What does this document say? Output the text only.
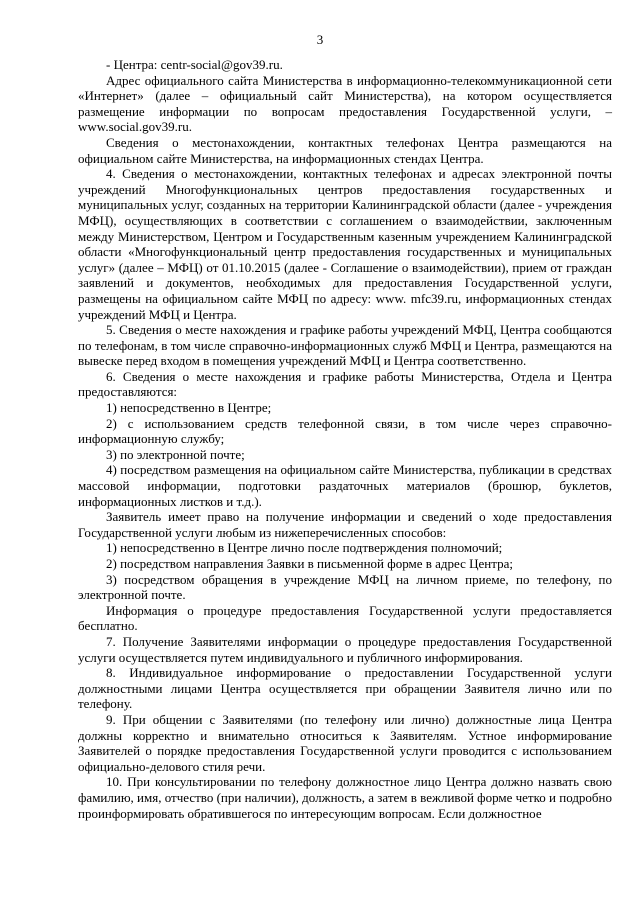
3

- Центра: centr-social@gov39.ru.

Адрес официального сайта Министерства в информационно-телекоммуникационной сети «Интернет» (далее – официальный сайт Министерства), на котором осуществляется размещение информации по вопросам предоставления Государственной услуги, – www.social.gov39.ru.

Сведения о местонахождении, контактных телефонах Центра размещаются на официальном сайте Министерства, на информационных стендах Центра.

4. Сведения о местонахождении, контактных телефонах и адресах электронной почты учреждений Многофункциональных центров предоставления государственных и муниципальных услуг, созданных на территории Калининградской области (далее - учреждения МФЦ), осуществляющих в соответствии с соглашением о взаимодействии, заключенным между Министерством, Центром и Государственным казенным учреждением Калининградской области «Многофункциональный центр предоставления государственных и муниципальных услуг» (далее – МФЦ) от 01.10.2015 (далее - Соглашение о взаимодействии), прием от граждан заявлений и документов, необходимых для предоставления Государственной услуги, размещены на официальном сайте МФЦ по адресу: www. mfc39.ru, информационных стендах учреждений МФЦ и Центра.

5. Сведения о месте нахождения и графике работы учреждений МФЦ, Центра сообщаются по телефонам, в том числе справочно-информационных служб МФЦ и Центра, размещаются на вывеске перед входом в помещения учреждений МФЦ и Центра соответственно.

6. Сведения о месте нахождения и графике работы Министерства, Отдела и Центра предоставляются:

1) непосредственно в Центре;

2) с использованием средств телефонной связи, в том числе через справочно-информационную службу;

3) по электронной почте;

4) посредством размещения на официальном сайте Министерства, публикации в средствах массовой информации, подготовки раздаточных материалов (брошюр, буклетов, информационных листков и т.д.).

Заявитель имеет право на получение информации и сведений о ходе предоставления Государственной услуги любым из нижеперечисленных способов:

1) непосредственно в Центре лично после подтверждения полномочий;

2) посредством направления Заявки в письменной форме в адрес Центра;

3) посредством обращения в учреждение МФЦ на личном приеме, по телефону, по электронной почте.

Информация о процедуре предоставления Государственной услуги предоставляется бесплатно.

7. Получение Заявителями информации о процедуре предоставления Государственной услуги осуществляется путем индивидуального и публичного информирования.

8. Индивидуальное информирование о предоставлении Государственной услуги должностными лицами Центра осуществляется при обращении Заявителя лично или по телефону.

9. При общении с Заявителями (по телефону или лично) должностные лица Центра должны корректно и внимательно относиться к Заявителям. Устное информирование Заявителей о порядке предоставления Государственной услуги проводится с использованием официально-делового стиля речи.

10. При консультировании по телефону должностное лицо Центра должно назвать свою фамилию, имя, отчество (при наличии), должность, а затем в вежливой форме четко и подробно проинформировать обратившегося по интересующим вопросам. Если должностное
